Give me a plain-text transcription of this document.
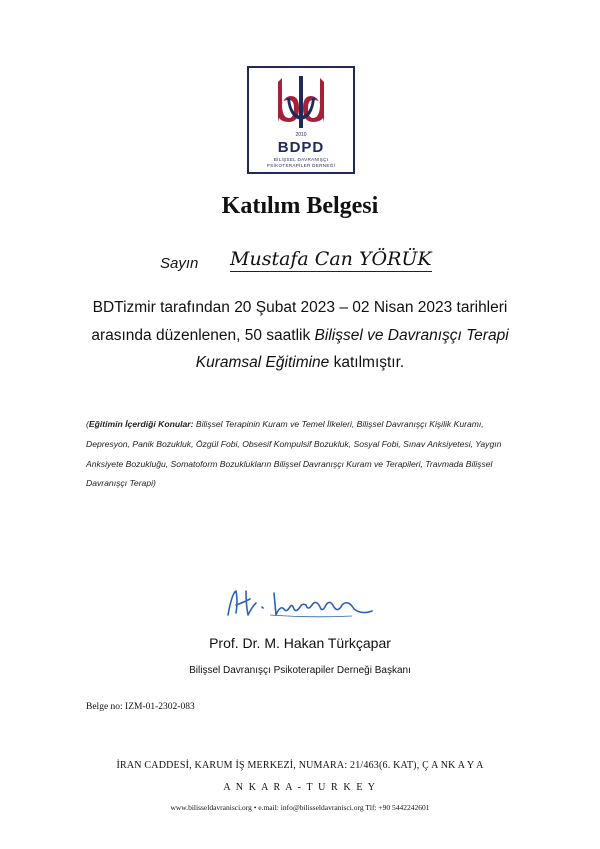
2010
BDPD
BİLİŞSEL DAVRANIŞÇI
PSİKOTERAPİLER DERNEĞİ
Katılım Belgesi
Sayın Mustafa Can YÖRÜK

BDTizmir tarafından 20 Şubat 2023 – 02 Nisan 2023 tarihleri

arasında düzenlenen, 50 saatlik Bilişsel ve Davranışçı Terapi

Kuramsal Eğitimine katılmıştır.

(Eğitimin İçerdiği Konular: Bilişsel Terapinin Kuram ve Temel İlkeleri, Bilişsel Davranışçı Kişilik Kuramı, Depresyon, Panik Bozukluk, Özgül Fobi, Obsesif Kompulsif Bozukluk, Sosyal Fobi, Sınav Anksiyetesi, Yaygın Anksiyete Bozukluğu, Somatoform Bozuklukların Bilişsel Davranışçı Kuram ve Terapileri, Travmada Bilişsel Davranışçı Terapi)
Prof. Dr. M. Hakan Türkçapar
Bilişsel Davranışçı Psikoterapiler Derneği Başkanı
Belge no: IZM-01-2302-083
İRAN CADDESİ, KARUM İŞ MERKEZİ, NUMARA: 21/463(6. KAT), Ç A NK A Y A
A N K A R A - T U R K E Y
www.bilisseldavranisci.org • e.mail: info@bilisseldavranisci.org Tlf: +90 5442242601
